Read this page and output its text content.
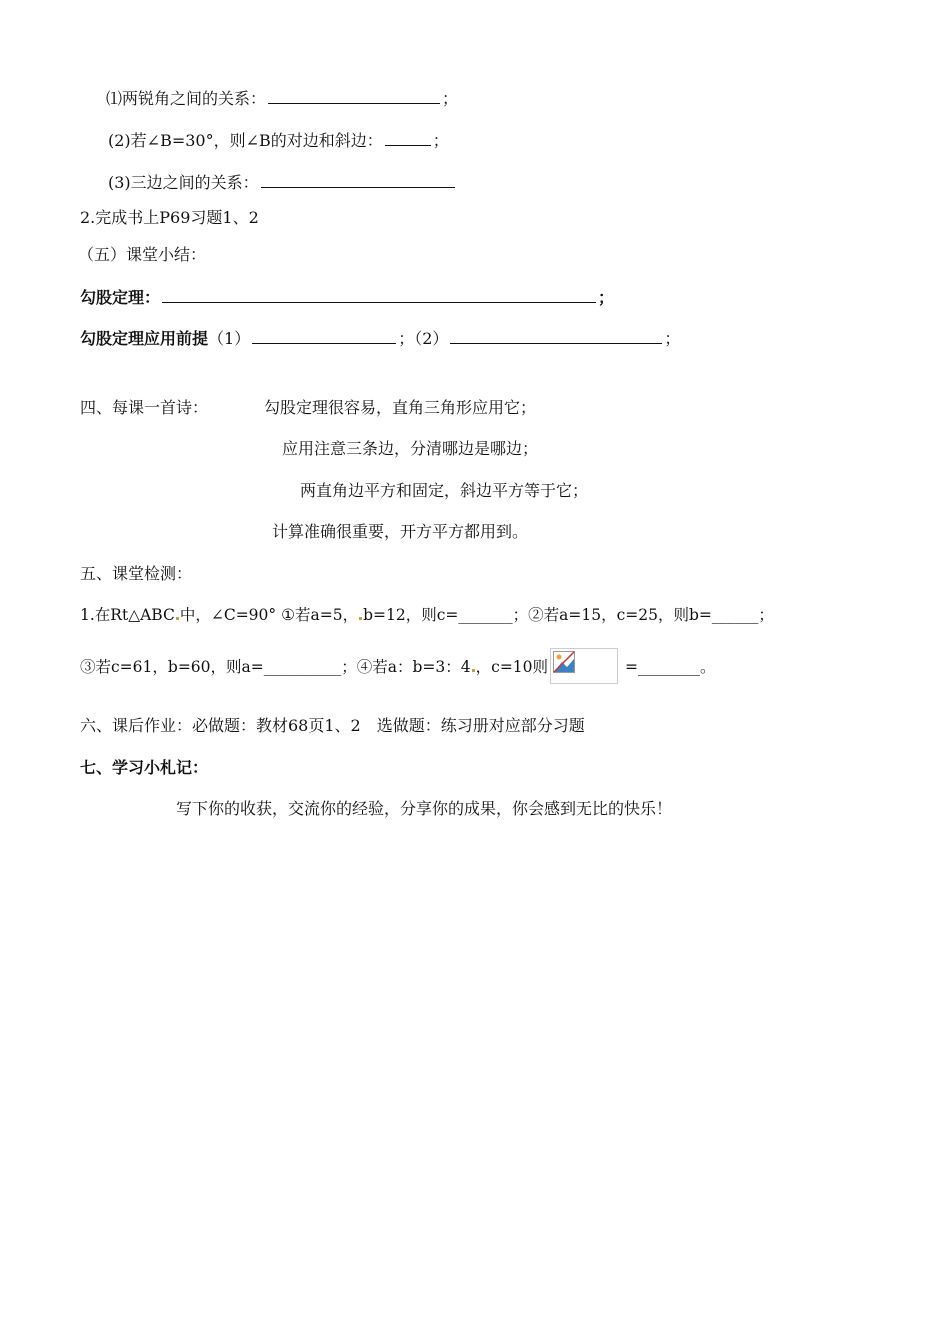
⑴两锐角之间的关系：	；
(2)若∠B=30°，则∠B的对边和斜边：	；
(3)三边之间的关系：
2.完成书上P69习题1、2
（五）课堂小结：
勾股定理：	；
勾股定理应用前提（1）	；（2）	；
四、每课一首诗：	勾股定理很容易，直角三角形应用它；
应用注意三条边，分清哪边是哪边；
两直角边平方和固定，斜边平方等于它；
计算准确很重要，开方平方都用到。
五、课堂检测：
1.在Rt△ABC 中，∠C=90° ①若a=5， b=12，则c=_______；②若a=15，c=25，则b=______；
③若c=61，b=60，则a=__________；④若a：b=3：4 ，c=10则	=________。
六、课后作业：必做题：教材68页1、2　选做题：练习册对应部分习题
七、学习小札记：
写下你的收获，交流你的经验，分享你的成果，你会感到无比的快乐！
